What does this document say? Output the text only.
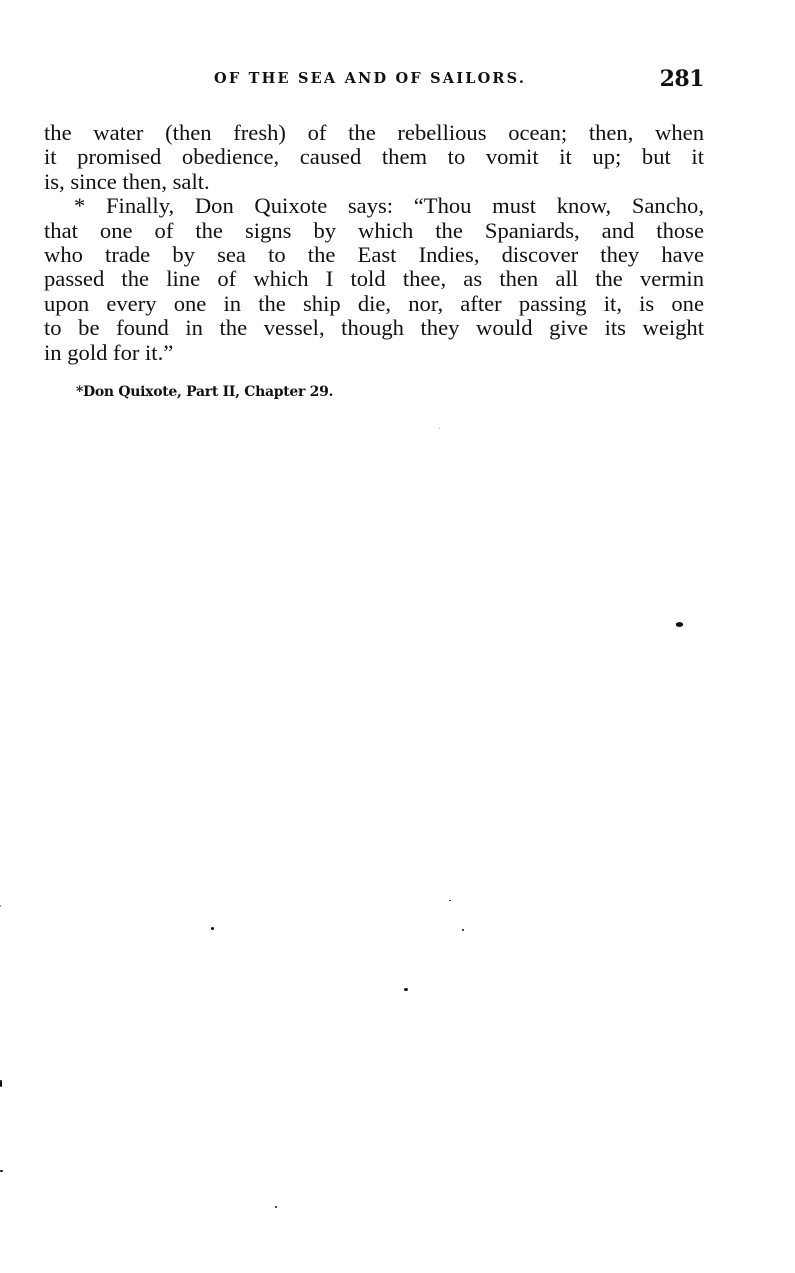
OF THE SEA AND OF SAILORS.	281
the water (then fresh) of the rebellious ocean; then, when
it promised obedience, caused them to vomit it up; but it
is, since then, salt.
* Finally, Don Quixote says: “Thou must know, Sancho,
that one of the signs by which the Spaniards, and those
who trade by sea to the East Indies, discover they have
passed the line of which I told thee, as then all the vermin
upon every one in the ship die, nor, after passing it, is one
to be found in the vessel, though they would give its weight
in gold for it.”
*Don Quixote, Part II, Chapter 29.
